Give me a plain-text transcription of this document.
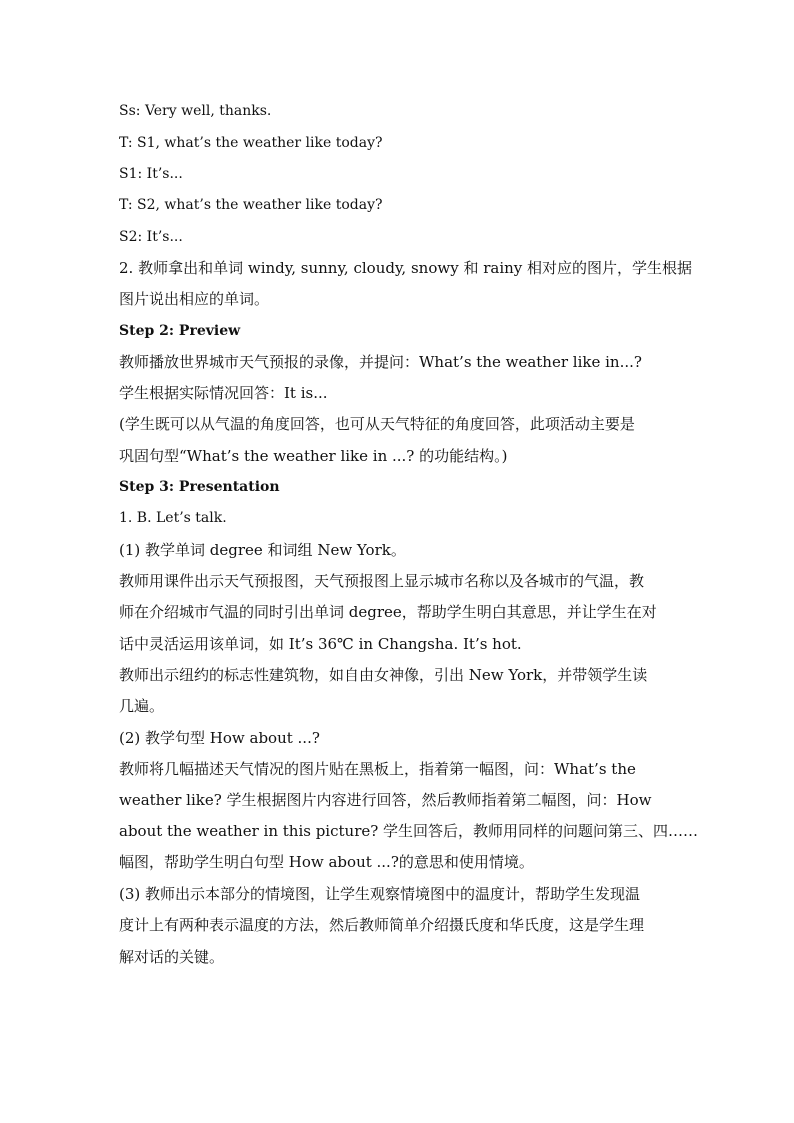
Ss: Very well, thanks.
T: S1, what’s the weather like today?
S1: It’s...
T: S2, what’s the weather like today?
S2: It’s...
2. 教师拿出和单词 windy, sunny, cloudy, snowy 和 rainy 相对应的图片，学生根据
图片说出相应的单词。
Step 2: Preview
教师播放世界城市天气预报的录像，并提问：What’s the weather like in...?
学生根据实际情况回答：It is...
(学生既可以从气温的角度回答，也可从天气特征的角度回答，此项活动主要是
巩固句型“What’s the weather like in ...? 的功能结构。)
Step 3: Presentation
1. B. Let’s talk.
(1) 教学单词 degree 和词组 New York。
教师用课件出示天气预报图，天气预报图上显示城市名称以及各城市的气温，教
师在介绍城市气温的同时引出单词 degree，帮助学生明白其意思，并让学生在对
话中灵活运用该单词，如 It’s 36℃ in Changsha. It’s hot.
教师出示纽约的标志性建筑物，如自由女神像，引出 New York，并带领学生读
几遍。
(2) 教学句型 How about ...?
教师将几幅描述天气情况的图片贴在黑板上，指着第一幅图，问：What’s the
weather like? 学生根据图片内容进行回答，然后教师指着第二幅图，问：How
about the weather in this picture? 学生回答后，教师用同样的问题问第三、四……
幅图，帮助学生明白句型 How about ...?的意思和使用情境。
(3) 教师出示本部分的情境图，让学生观察情境图中的温度计，帮助学生发现温
度计上有两种表示温度的方法，然后教师简单介绍摄氏度和华氏度，这是学生理
解对话的关键。
